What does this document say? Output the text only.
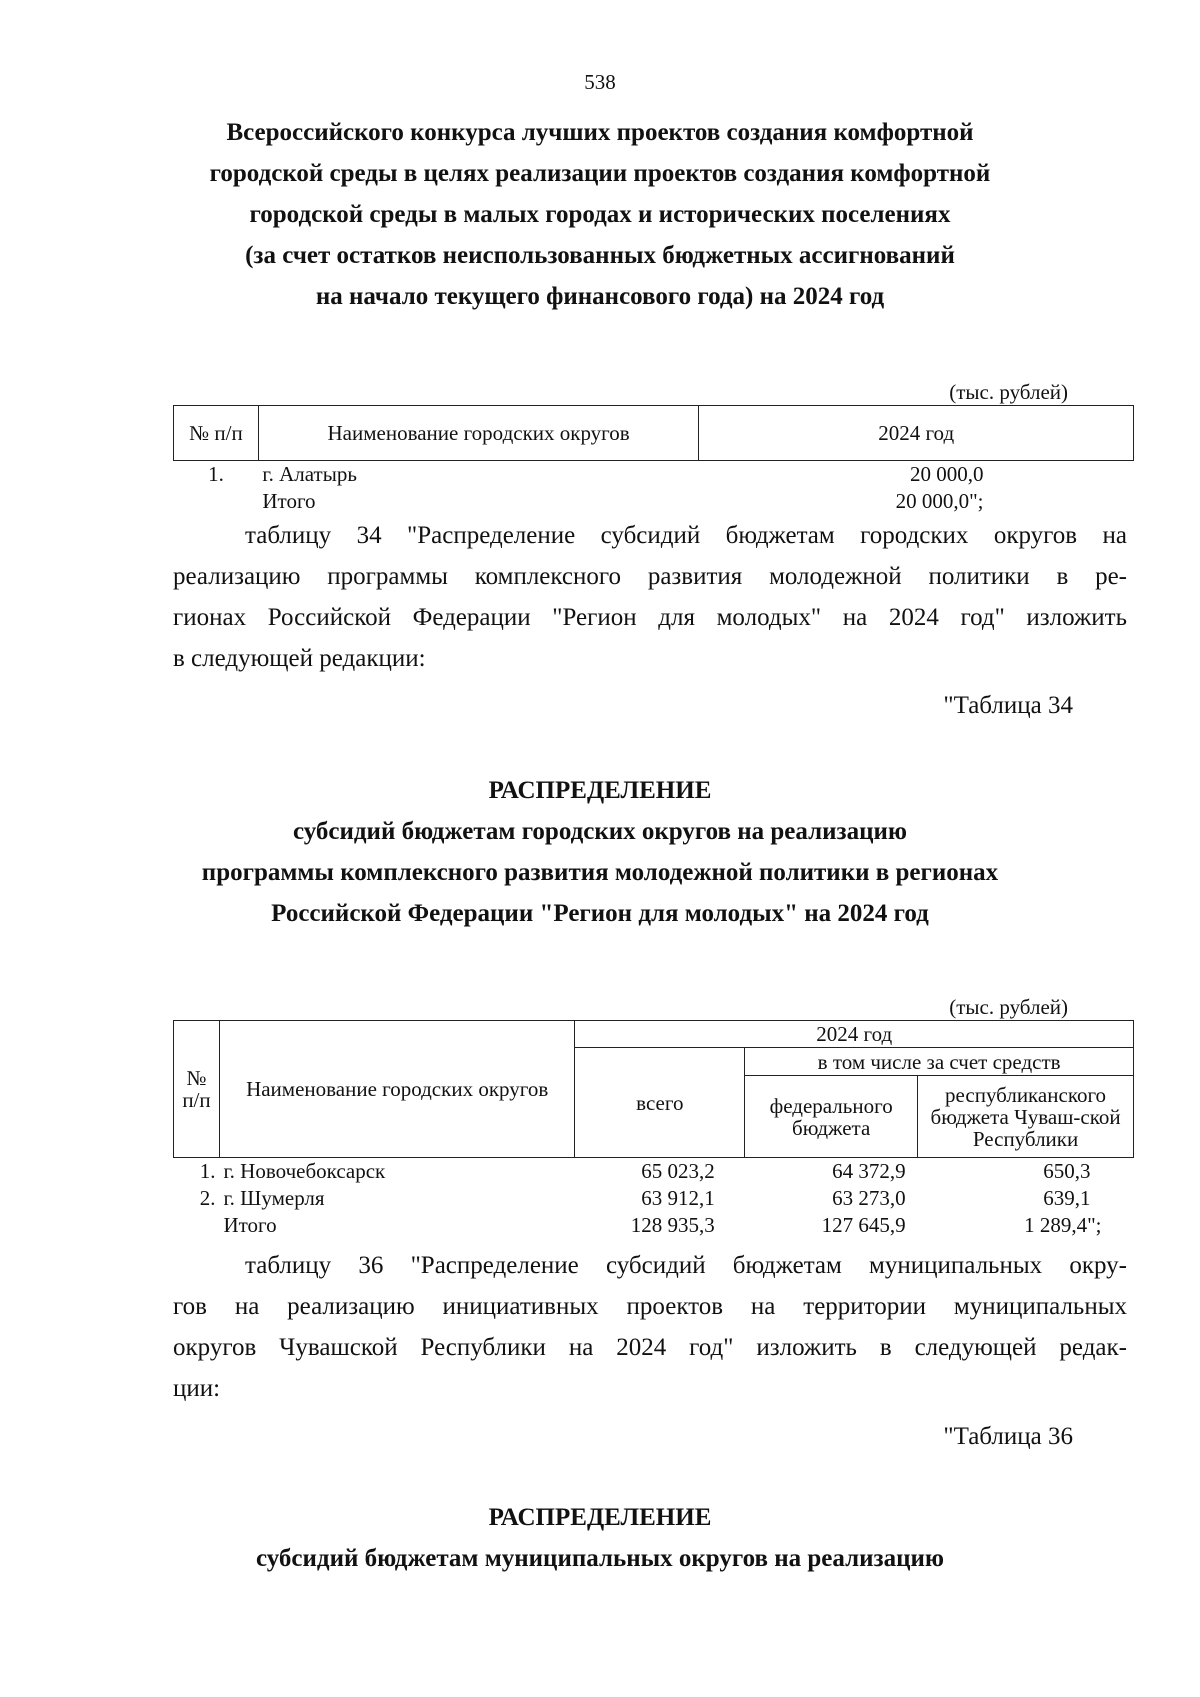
538
Всероссийского конкурса лучших проектов создания комфортной
городской среды в целях реализации проектов создания комфортной
городской среды в малых городах и исторических поселениях
(за счет остатков неиспользованных бюджетных ассигнований
на начало текущего финансового года) на 2024 год
(тыс. рублей)
№ п/п	Наименование городских округов	2024 год
1.	г. Алатырь	20 000,0
	Итого	20 000,0";
таблицу 34 "Распределение субсидий бюджетам городских округов на
реализацию программы комплексного развития молодежной политики в ре-
гионах Российской Федерации "Регион для молодых" на 2024 год" изложить
в следующей редакции:
"Таблица 34
РАСПРЕДЕЛЕНИЕ
субсидий бюджетам городских округов на реализацию
программы комплексного развития молодежной политики в регионах
Российской Федерации "Регион для молодых" на 2024 год
(тыс. рублей)
№ п/п	Наименование городских округов	2024 год		
		всего	в том числе за счет средств	
			федерального бюджета	республиканского бюджета Чуваш-ской Республики
1.	г. Новочебоксарск	65 023,2	64 372,9	650,3
2.	г. Шумерля	63 912,1	63 273,0	639,1
	Итого	128 935,3	127 645,9	1 289,4";
таблицу 36 "Распределение субсидий бюджетам муниципальных окру-
гов на реализацию инициативных проектов на территории муниципальных
округов Чувашской Республики на 2024 год" изложить в следующей редак-
ции:
"Таблица 36
РАСПРЕДЕЛЕНИЕ
субсидий бюджетам муниципальных округов на реализацию
